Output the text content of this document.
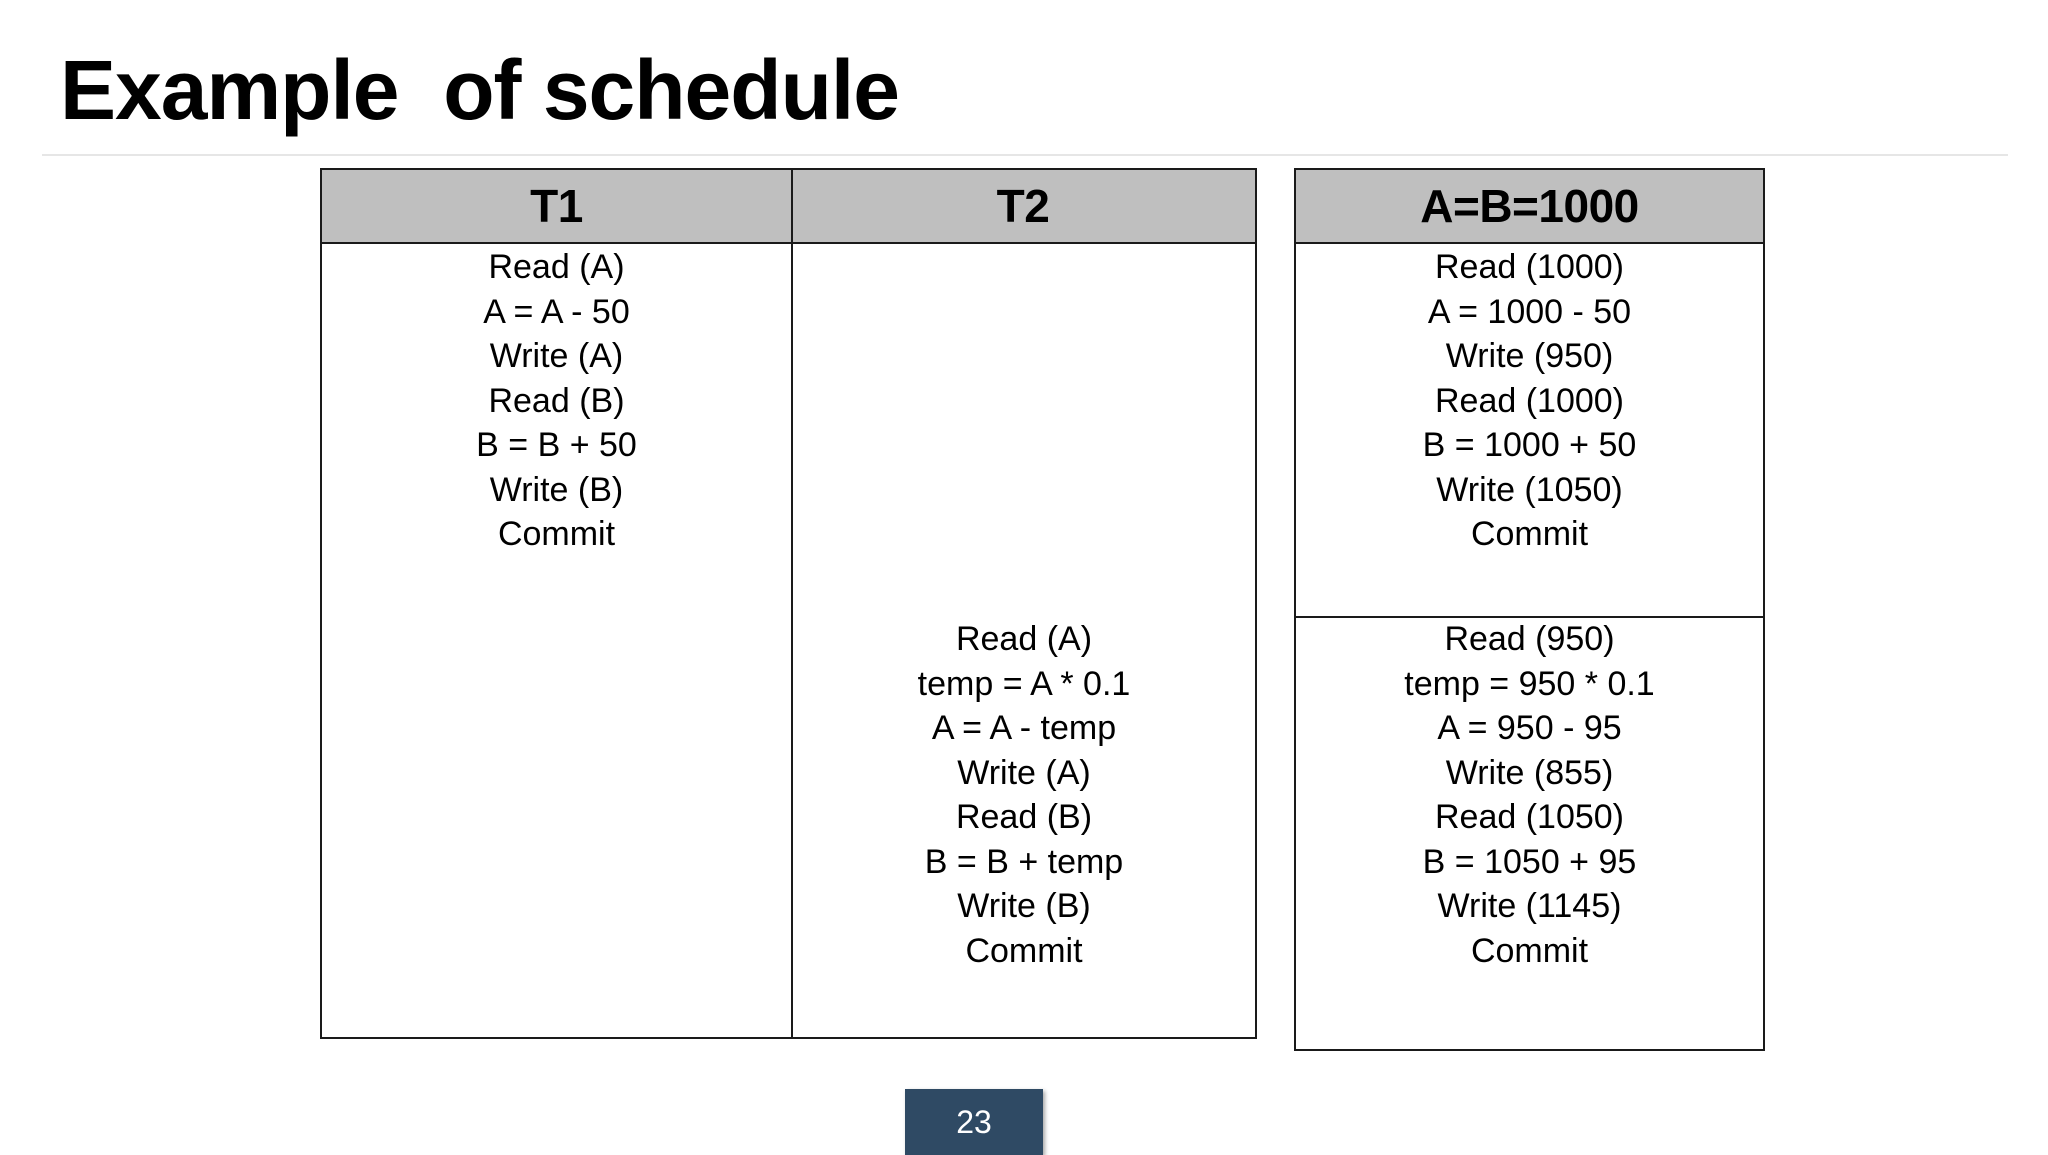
Example  of schedule
T1	T2
Read (A)
A = A - 50
Write (A)
Read (B)
B = B + 50
Write (B)
Commit
Read (A)
temp = A * 0.1
A = A - temp
Write (A)
Read (B)
B = B + temp
Write (B)
Commit
A=B=1000
Read (1000)
A = 1000 - 50
Write (950)
Read (1000)
B = 1000 + 50
Write (1050)
Commit
Read (950)
temp = 950 * 0.1
A = 950 - 95
Write (855)
Read (1050)
B = 1050 + 95
Write (1145)
Commit
23
